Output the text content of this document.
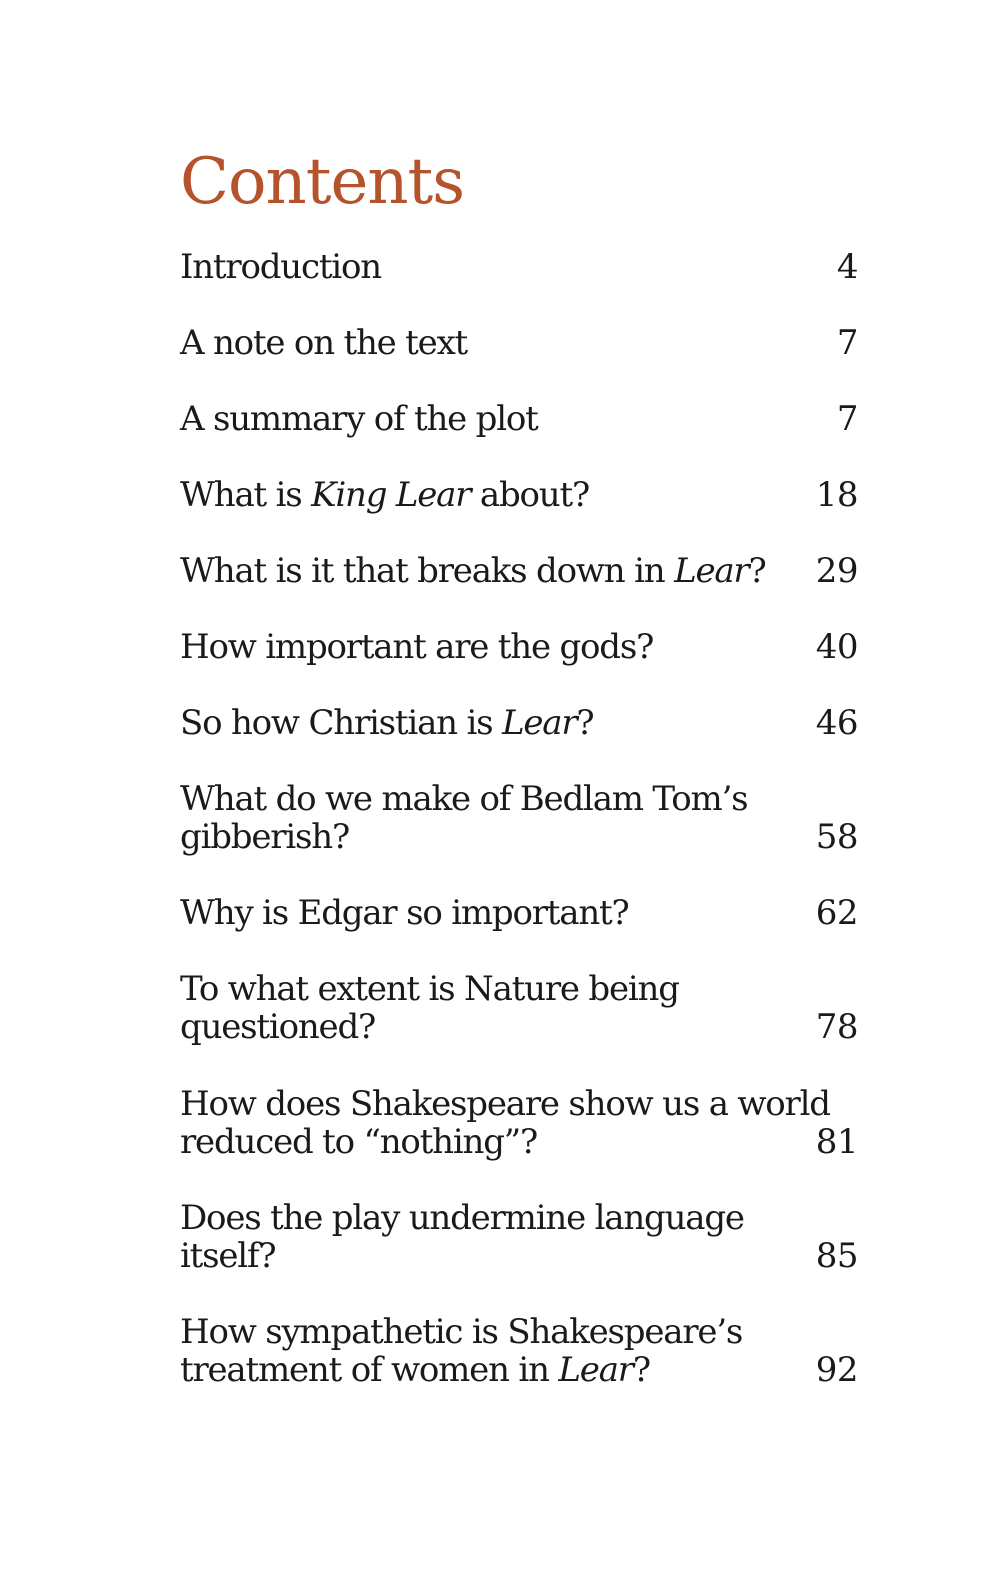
Contents
Introduction	4
A note on the text	7
A summary of the plot	7
What is King Lear about?	18
What is it that breaks down in Lear?	29
How important are the gods?	40
So how Christian is Lear?	46
What do we make of Bedlam Tom’s
gibberish?	58
Why is Edgar so important?	62
To what extent is Nature being
questioned?	78
How does Shakespeare show us a world
reduced to “nothing”?	81
Does the play undermine language
itself?	85
How sympathetic is Shakespeare’s
treatment of women in Lear?	92
